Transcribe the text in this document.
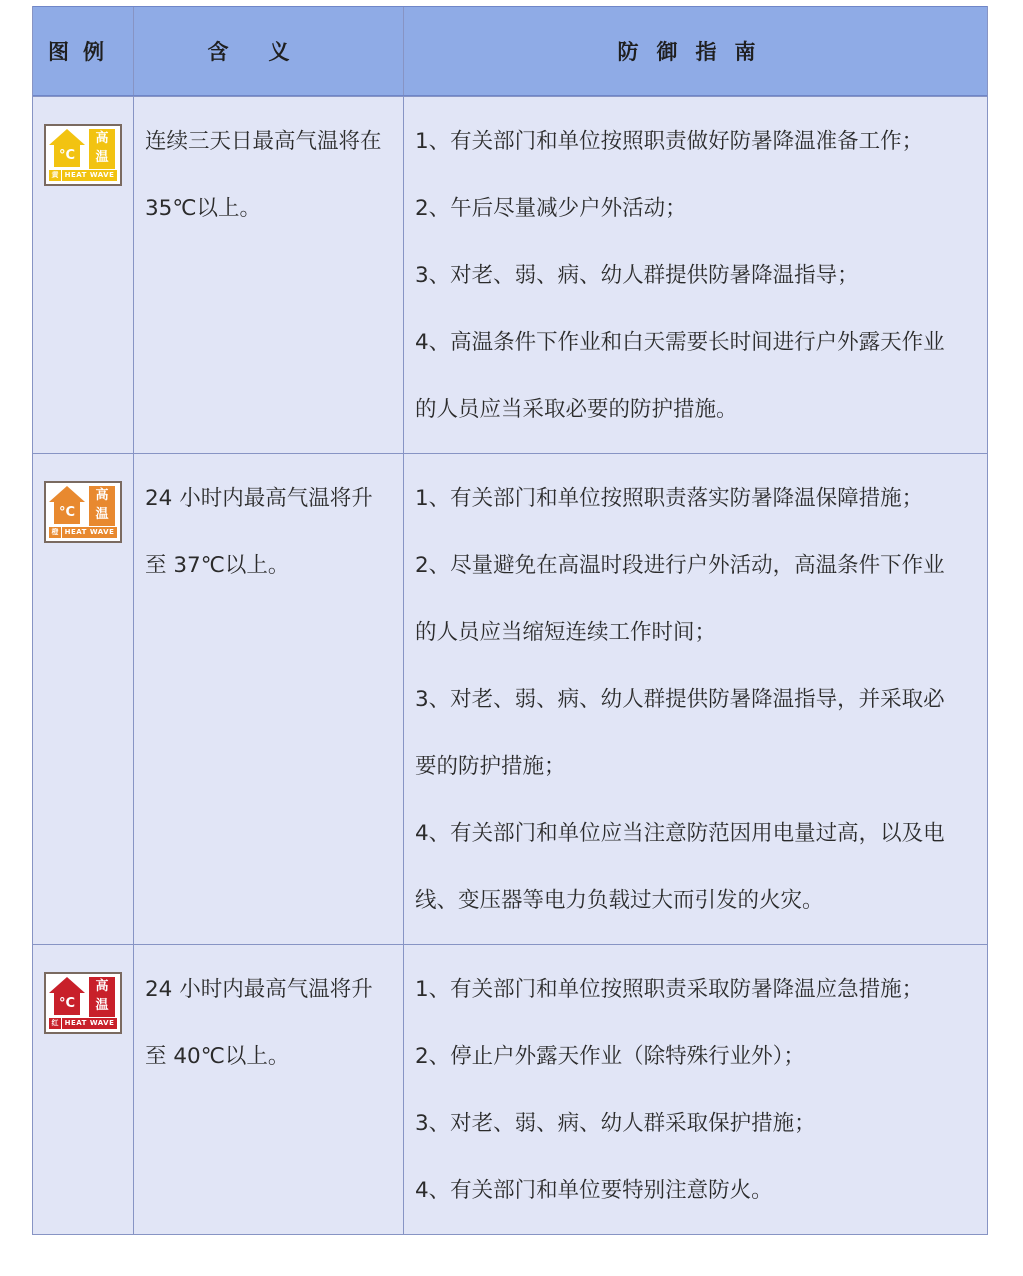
图例	含义	防御指南
°C
高
温
黄 HEAT WAVE
连续三天日最高气温将在
35℃以上。
1、有关部门和单位按照职责做好防暑降温准备工作；
2、午后尽量减少户外活动；
3、对老、弱、病、幼人群提供防暑降温指导；
4、高温条件下作业和白天需要长时间进行户外露天作业
的人员应当采取必要的防护措施。
°C
高
温
橙 HEAT WAVE
24 小时内最高气温将升
至 37℃以上。
1、有关部门和单位按照职责落实防暑降温保障措施；
2、尽量避免在高温时段进行户外活动，高温条件下作业
的人员应当缩短连续工作时间；
3、对老、弱、病、幼人群提供防暑降温指导，并采取必
要的防护措施；
4、有关部门和单位应当注意防范因用电量过高，以及电
线、变压器等电力负载过大而引发的火灾。
°C
高
温
红 HEAT WAVE
24 小时内最高气温将升
至 40℃以上。
1、有关部门和单位按照职责采取防暑降温应急措施；
2、停止户外露天作业（除特殊行业外）；
3、对老、弱、病、幼人群采取保护措施；
4、有关部门和单位要特别注意防火。
